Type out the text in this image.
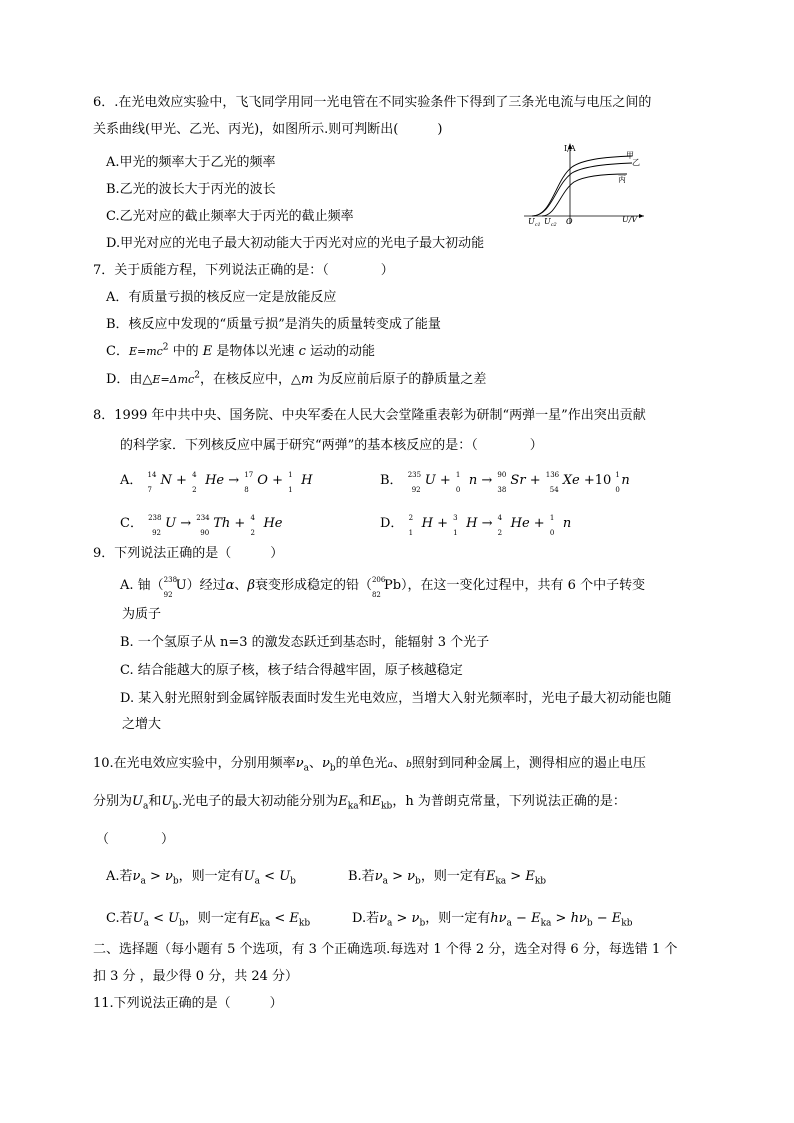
6．.在光电效应实验中，飞飞同学用同一光电管在不同实验条件下得到了三条光电流与电压之间的
关系曲线(甲光、乙光、丙光)，如图所示.则可判断出(　　　)
A.甲光的频率大于乙光的频率
B.乙光的波长大于丙光的波长
C.乙光对应的截止频率大于丙光的截止频率
D.甲光对应的光电子最大初动能大于丙光对应的光电子最大初动能
I/A
U/V
O
$U_{c1}$ $U_{c2}$
甲
乙
丙
7．关于质能方程，下列说法正确的是：（　　　　）
A．有质量亏损的核反应一定是放能反应
B．核反应中发现的“质量亏损”是消失的质量转变成了能量
C．$E=mc^2$ 中的 E 是物体以光速 c 运动的动能
D．由△E=Δmc$^2$，在核反应中，△m 为反应前后原子的静质量之差
8．1999 年中共中央、国务院、中央军委在人民大会堂隆重表彰为研制“两弹一星”作出突出贡献
的科学家．下列核反应中属于研究“两弹”的基本核反应的是：（　　　　）
A． N
14
7
+ He
4
2
→ O
17
8
+ H
1
1
B． U
235
92
+ n
1
0
→ Sr
90
38
+ Xe
136
54
+10 n
1
0
C． U
238
92
→ Th
234
90
+ He
4
2
D． H
2
1
+ H
3
1
→ He
4
2
+ n
1
0
9．下列说法正确的是（　　　）
A. 铀（ U
238
92
）经过α、β衰变形成稳定的铅（ Pb
206
82
），在这一变化过程中，共有 6 个中子转变
为质子
B. 一个氢原子从 n=3 的激发态跃迁到基态时，能辐射 3 个光子
C. 结合能越大的原子核，核子结合得越牢固，原子核越稳定
D. 某入射光照射到金属锌版表面时发生光电效应，当增大入射光频率时，光电子最大初动能也随
之增大
10.在光电效应实验中，分别用频率$\nu_a$、$\nu_b$的单色光a、b照射到同种金属上，测得相应的遏止电压
分别为$U_a$和$U_b$.光电子的最大初动能分别为$E_{ka}$和$E_{kb}$，h 为普朗克常量，下列说法正确的是：
（　　　　）
A.若$\nu_a > \nu_b$，则一定有$U_a < U_b$	B.若$\nu_a > \nu_b$，则一定有$E_{ka} > E_{kb}$
C.若$U_a < U_b$，则一定有$E_{ka} < E_{kb}$	D.若$\nu_a > \nu_b$，则一定有$h\nu_a - E_{ka} > h\nu_b - E_{kb}$
二、选择题（每小题有 5 个选项，有 3 个正确选项.每选对 1 个得 2 分，选全对得 6 分，每选错 1 个
扣 3 分 ，最少得 0 分，共 24 分）
11.下列说法正确的是（　　　）
